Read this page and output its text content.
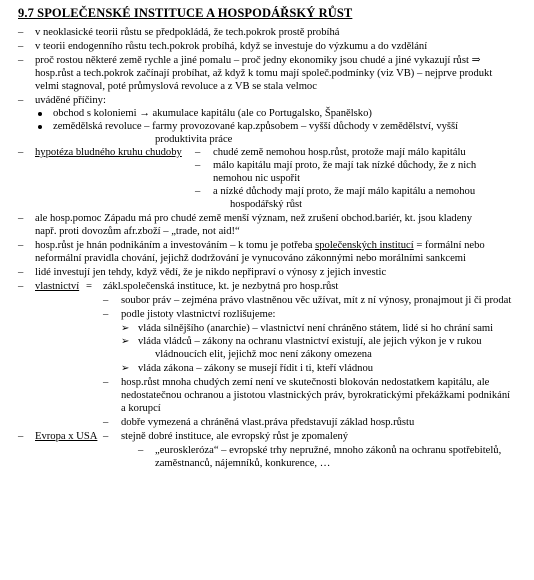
9.7 SPOLEČENSKÉ INSTITUCE A HOSPODÁŘSKÝ RŮST
– v neoklasické teorii růstu se předpokládá, že tech.pokrok prostě probíhá
– v teorii endogenního růstu tech.pokrok probíhá, když se investuje do výzkumu a do vzdělání
– proč rostou některé země rychle a jiné pomalu – proč jedny ekonomiky jsou chudé a jiné vykazují růst ⇒
hosp.růst a tech.pokrok začínají probíhat, až když k tomu mají společ.podmínky (viz VB) – nejprve produkt
velmi stagnoval, poté průmyslová revoluce a z VB se stala velmoc
– uváděné příčiny:
obchod s koloniemi → akumulace kapitálu (ale co Portugalsko, Španělsko)
zemědělská revoluce – farmy provozované kap.způsobem – vyšší důchody v zemědělství, vyšší
produktivita práce
– hypotéza bludného kruhu chudoby – chudé země nemohou hosp.růst, protože mají málo kapitálu
– málo kapitálu mají proto, že mají tak nízké důchody, že z nich
nemohou nic uspořit
– a nízké důchody mají proto, že mají málo kapitálu a nemohou
hospodářský růst
– ale hosp.pomoc Západu má pro chudé země menší význam, než zrušení obchod.bariér, kt. jsou kladeny
např. proti dovozům afr.zboží – „trade, not aid!“
– hosp.růst je hnán podnikáním a investováním – k tomu je potřeba společenských institucí = formální nebo
neformální pravidla chování, jejichž dodržování je vynucováno zákonnými nebo morálními sankcemi
– lidé investují jen tehdy, když vědí, že je nikdo nepřipraví o výnosy z jejich investic
– vlastnictví = zákl.společenská instituce, kt. je nezbytná pro hosp.růst
– soubor práv – zejména právo vlastněnou věc užívat, mít z ní výnosy, pronajmout ji či prodat
– podle jistoty vlastnictví rozlišujeme:
➢ vláda silnějšího (anarchie) – vlastnictví není chráněno státem, lidé si ho chrání sami
➢ vláda vládců – zákony na ochranu vlastnictví existují, ale jejich výkon je v rukou
vládnoucích elit, jejichž moc není zákony omezena
➢ vláda zákona – zákony se musejí řídit i ti, kteří vládnou
– hosp.růst mnoha chudých zemí není ve skutečnosti blokován nedostatkem kapitálu, ale
nedostatečnou ochranou a jistotou vlastnických práv, byrokratickými překážkami podnikání
a korupcí
– dobře vymezená a chráněná vlast.práva představují základ hosp.růstu
– Evropa x USA – stejně dobré instituce, ale evropský růst je zpomalený
– „euroskleróza“ – evropské trhy nepružné, mnoho zákonů na ochranu spotřebitelů,
zaměstnanců, nájemníků, konkurence, …
